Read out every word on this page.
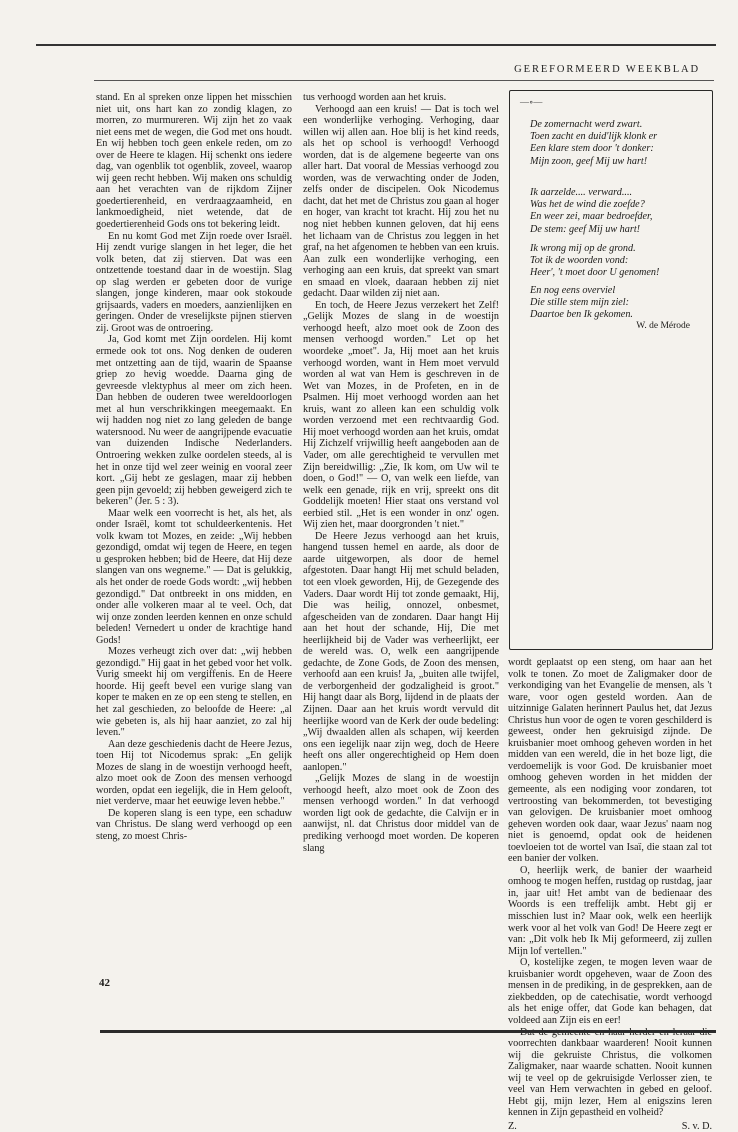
GEREFORMEERD WEEKBLAD

stand. En al spreken onze lippen het misschien niet uit, ons hart kan zo zondig klagen, zo morren, zo murmureren. Wij zijn het zo vaak niet eens met de wegen, die God met ons houdt. En wij hebben toch geen enkele reden, om zo over de Heere te klagen. Hij schenkt ons iedere dag, van ogenblik tot ogenblik, zoveel, waarop wij geen recht hebben. Wij maken ons schuldig aan het verachten van de rijkdom Zijner goedertierenheid, en verdraagzaamheid, en lankmoedigheid, niet wetende, dat de goedertierenheid Gods ons tot bekering leidt.

En nu komt God met Zijn roede over Israël. Hij zendt vurige slangen in het leger, die het volk beten, dat zij stierven. Dat was een ontzettende toestand daar in de woestijn. Slag op slag werden er gebeten door de vurige slangen, jonge kinderen, maar ook stokoude grijsaards, vaders en moeders, aanzienlijken en geringen. Onder de vreselijkste pijnen stierven zij. Groot was de ontroering.

Ja, God komt met Zijn oordelen. Hij komt ermede ook tot ons. Nog denken de ouderen met ontzetting aan de tijd, waarin de Spaanse griep zo hevig woedde. Daarna ging de gevreesde vlektyphus al meer om zich heen. Dan hebben de ouderen twee wereldoorlogen met al hun verschrikkingen meegemaakt. En wij hadden nog niet zo lang geleden de bange watersnood. Nu weer de aangrijpende evacuatie van duizenden Indische Nederlanders. Ontroering wekken zulke oordelen steeds, al is het in onze tijd wel zeer weinig en vooral zeer kort. „Gij hebt ze geslagen, maar zij hebben geen pijn gevoeld; zij hebben geweigerd zich te bekeren" (Jer. 5 : 3).

Maar welk een voorrecht is het, als het, als onder Israël, komt tot schuldeerkentenis. Het volk kwam tot Mozes, en zeide: „Wij hebben gezondigd, omdat wij tegen de Heere, en tegen u gesproken hebben; bid de Heere, dat Hij deze slangen van ons wegneme." — Dat is gelukkig, als het onder de roede Gods wordt: „wij hebben gezondigd." Dat ontbreekt in ons midden, en onder alle volkeren maar al te veel. Och, dat wij onze zonden leerden kennen en onze schuld beleden! Vernedert u onder de krachtige hand Gods!

Mozes verheugt zich over dat: „wij hebben gezondigd." Hij gaat in het gebed voor het volk. Vurig smeekt hij om vergiffenis. En de Heere hoorde. Hij geeft bevel een vurige slang van koper te maken en ze op een steng te stellen, en het zal geschieden, zo beloofde de Heere: „al wie gebeten is, als hij haar aanziet, zo zal hij leven."

Aan deze geschiedenis dacht de Heere Jezus, toen Hij tot Nicodemus sprak: „En gelijk Mozes de slang in de woestijn verhoogd heeft, alzo moet ook de Zoon des mensen verhoogd worden, opdat een iegelijk, die in Hem gelooft, niet verderve, maar het eeuwige leven hebbe."

De koperen slang is een type, een schaduw van Christus. De slang werd verhoogd op een steng, zo moest Chris-

tus verhoogd worden aan het kruis.

Verhoogd aan een kruis! — Dat is toch wel een wonderlijke verhoging. Verhoging, daar willen wij allen aan. Hoe blij is het kind reeds, als het op school is verhoogd! Verhoogd worden, dat is de algemene begeerte van ons aller hart. Dat vooral de Messias verhoogd zou worden, was de verwachting onder de Joden, zelfs onder de discipelen. Ook Nicodemus dacht, dat het met de Christus zou gaan al hoger en hoger, van kracht tot kracht. Hij zou het nu nog niet hebben kunnen geloven, dat hij eens het lichaam van de Christus zou leggen in het graf, na het afgenomen te hebben van een kruis. Aan zulk een wonderlijke verhoging, een verhoging aan een kruis, dat spreekt van smart en smaad en vloek, daaraan hebben zij niet gedacht. Daar wilden zij niet aan.

En toch, de Heere Jezus verzekert het Zelf! „Gelijk Mozes de slang in de woestijn verhoogd heeft, alzo moet ook de Zoon des mensen verhoogd worden." Let op het woordeke „moet". Ja, Hij moet aan het kruis verhoogd worden, want in Hem moet vervuld worden al wat van Hem is geschreven in de Wet van Mozes, in de Profeten, en in de Psalmen. Hij moet verhoogd worden aan het kruis, want zo alleen kan een schuldig volk worden verzoend met een rechtvaardig God. Hij moet verhoogd worden aan het kruis, omdat Hij Zichzelf vrijwillig heeft aangeboden aan de Vader, om alle gerechtigheid te vervullen met Zijn bereidwillig: „Zie, Ik kom, om Uw wil te doen, o God!" — O, van welk een liefde, van welk een genade, rijk en vrij, spreekt ons dit Goddelijk moeten! Hier staat ons verstand vol eerbied stil. „Het is een wonder in onz' ogen. Wij zien het, maar doorgronden 't niet."

De Heere Jezus verhoogd aan het kruis, hangend tussen hemel en aarde, als door de aarde uitgeworpen, als door de hemel afgestoten. Daar hangt Hij met schuld beladen, tot een vloek geworden, Hij, de Gezegende des Vaders. Daar wordt Hij tot zonde gemaakt, Hij, Die was heilig, onnozel, onbesmet, afgescheiden van de zondaren. Daar hangt Hij aan het hout der schande, Hij, Die met heerlijkheid bij de Vader was verheerlijkt, eer de wereld was. O, welk een aangrijpende gedachte, de Zone Gods, de Zoon des mensen, verhoofd aan een kruis! Ja, „buiten alle twijfel, de verborgenheid der godzaligheid is groot." Hij hangt daar als Borg, lijdend in de plaats der Zijnen. Daar aan het kruis wordt vervuld dit heerlijke woord van de Kerk der oude bedeling: „Wij dwaalden allen als schapen, wij keerden ons een iegelijk naar zijn weg, doch de Heere heeft ons aller ongerechtigheid op Hem doen aanlopen."

„Gelijk Mozes de slang in de woestijn verhoogd heeft, alzo moet ook de Zoon des mensen verhoogd worden." In dat verhoogd worden ligt ook de gedachte, die Calvijn er in aanwijst, nl. dat Christus door middel van de prediking verhoogd moet worden. De koperen slang

—∘—
De zomernacht werd zwart.
Toen zacht en duid'lijk klonk er
Een klare stem door 't donker:
Mijn zoon, geef Mij uw hart!
Ik aarzelde.... verward....
Was het de wind die zoefde?
En weer zei, maar bedroefder,
De stem: geef Mij uw hart!
Ik wrong mij op de grond.
Tot ik de woorden vond:
Heer', 't moet door U genomen!
En nog eens overviel
Die stille stem mijn ziel:
Daartoe ben Ik gekomen.
W. de Mérode

wordt geplaatst op een steng, om haar aan het volk te tonen. Zo moet de Zaligmaker door de verkondiging van het Evangelie de mensen, als 't ware, voor ogen gesteld worden. Aan de uitzinnige Galaten herinnert Paulus het, dat Jezus Christus hun voor de ogen te voren geschilderd is geweest, onder hen gekruisigd zijnde. De kruisbanier moet omhoog geheven worden in het midden van een wereld, die in het boze ligt, die verdoemelijk is voor God. De kruisbanier moet omhoog geheven worden in het midden der gemeente, als een nodiging voor zondaren, tot vertroosting van bekommerden, tot bevestiging van gelovigen. De kruisbanier moet omhoog geheven worden ook daar, waar Jezus' naam nog niet is genoemd, opdat ook de heidenen toevloeien tot de wortel van Isaï, die staan zal tot een banier der volken.

O, heerlijk werk, de banier der waarheid omhoog te mogen heffen, rustdag op rustdag, jaar in, jaar uit! Het ambt van de bedienaar des Woords is een treffelijk ambt. Hebt gij er misschien lust in? Maar ook, welk een heerlijk werk voor al het volk van God! De Heere zegt er van: „Dit volk heb Ik Mij geformeerd, zij zullen Mijn lof vertellen."

O, kostelijke zegen, te mogen leven waar de kruisbanier wordt opgeheven, waar de Zoon des mensen in de prediking, in de gesprekken, aan de ziekbedden, op de catechisatie, wordt verhoogd als het enige offer, dat Gode kan behagen, dat voldeed aan Zijn eis en eer!

voorrechten dankbaar waarderen! Nooit kunnen wij die gekruiste Christus, die volkomen Zaligmaker, naar waarde schatten. Nooit kunnen wij te veel op de gekruisigde Verlosser zien, te veel van Hem verwachten in gebed en geloof. Hebt gij, mijn lezer, Hem al enigszins leren kennen in Zijn gepastheid en volheid?

Z.	S. v. D.
42
